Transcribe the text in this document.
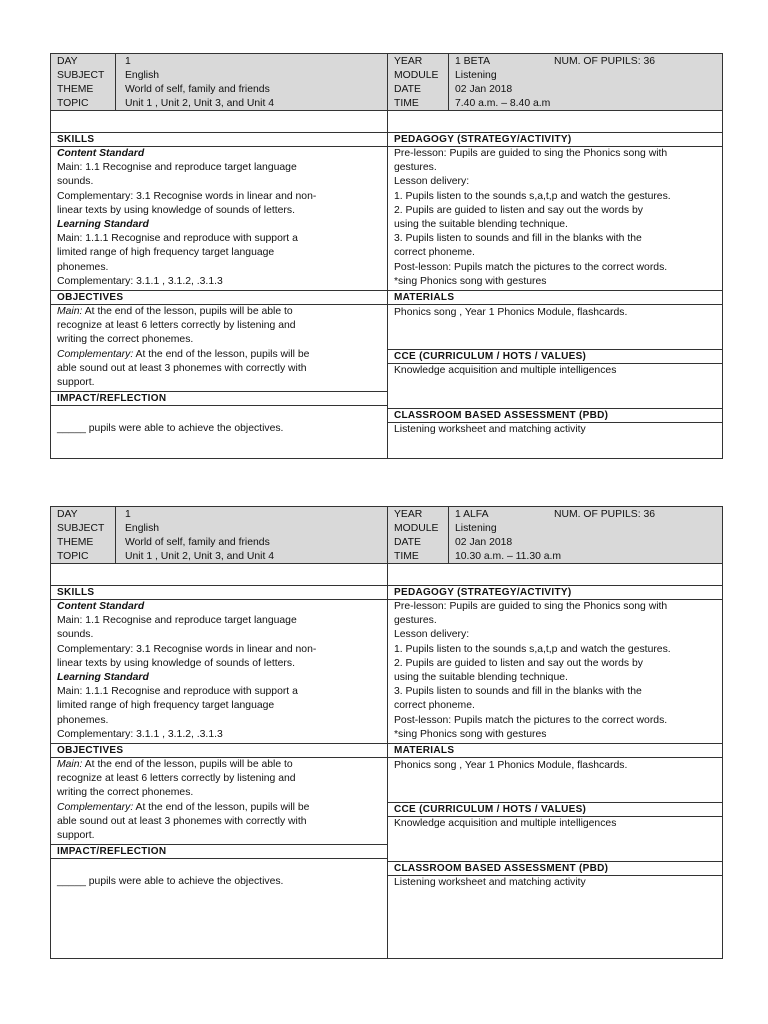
DAY	1
SUBJECT English
THEME	World of self, family and friends
TOPIC	Unit 1 , Unit 2, Unit 3, and Unit 4
SKILLS
Content Standard
Main: 1.1 Recognise and reproduce target language
sounds.
Complementary: 3.1 Recognise words in linear and non-
linear texts by using knowledge of sounds of letters.
Learning Standard
Main: 1.1.1 Recognise and reproduce with support a
limited range of high frequency target language
phonemes.
Complementary: 3.1.1 , 3.1.2, .3.1.3
OBJECTIVES
Main: At the end of the lesson, pupils will be able to
recognize at least 6 letters correctly by listening and
writing the correct phonemes.
Complementary: At the end of the lesson, pupils will be
able sound out at least 3 phonemes with correctly with
support.
IMPACT/REFLECTION
_____ pupils were able to achieve the objectives.
YEAR	1 BETA	NUM. OF PUPILS: 36
MODULE Listening
DATE	02 Jan 2018
TIME	7.40 a.m. – 8.40 a.m
PEDAGOGY (STRATEGY/ACTIVITY)
Pre-lesson: Pupils are guided to sing the Phonics song with
gestures.
Lesson delivery:
1. Pupils listen to the sounds s,a,t,p and watch the gestures.
2. Pupils are guided to listen and say out the words by
using the suitable blending technique.
3. Pupils listen to sounds and fill in the blanks with the
correct phoneme.
Post-lesson: Pupils match the pictures to the correct words.
*sing Phonics song with gestures
MATERIALS
Phonics song , Year 1 Phonics Module, flashcards.
CCE (CURRICULUM / HOTS / VALUES)
Knowledge acquisition and multiple intelligences
CLASSROOM BASED ASSESSMENT (PBD)
Listening worksheet and matching activity
DAY	1
SUBJECT English
THEME	World of self, family and friends
TOPIC	Unit 1 , Unit 2, Unit 3, and Unit 4
SKILLS
Content Standard
Main: 1.1 Recognise and reproduce target language
sounds.
Complementary: 3.1 Recognise words in linear and non-
linear texts by using knowledge of sounds of letters.
Learning Standard
Main: 1.1.1 Recognise and reproduce with support a
limited range of high frequency target language
phonemes.
Complementary: 3.1.1 , 3.1.2, .3.1.3
OBJECTIVES
Main: At the end of the lesson, pupils will be able to
recognize at least 6 letters correctly by listening and
writing the correct phonemes.
Complementary: At the end of the lesson, pupils will be
able sound out at least 3 phonemes with correctly with
support.
IMPACT/REFLECTION
_____ pupils were able to achieve the objectives.
YEAR	1 ALFA	NUM. OF PUPILS: 36
MODULE Listening
DATE	02 Jan 2018
TIME	10.30 a.m. – 11.30 a.m
PEDAGOGY (STRATEGY/ACTIVITY)
Pre-lesson: Pupils are guided to sing the Phonics song with
gestures.
Lesson delivery:
1. Pupils listen to the sounds s,a,t,p and watch the gestures.
2. Pupils are guided to listen and say out the words by
using the suitable blending technique.
3. Pupils listen to sounds and fill in the blanks with the
correct phoneme.
Post-lesson: Pupils match the pictures to the correct words.
*sing Phonics song with gestures
MATERIALS
Phonics song , Year 1 Phonics Module, flashcards.
CCE (CURRICULUM / HOTS / VALUES)
Knowledge acquisition and multiple intelligences
CLASSROOM BASED ASSESSMENT (PBD)
Listening worksheet and matching activity
